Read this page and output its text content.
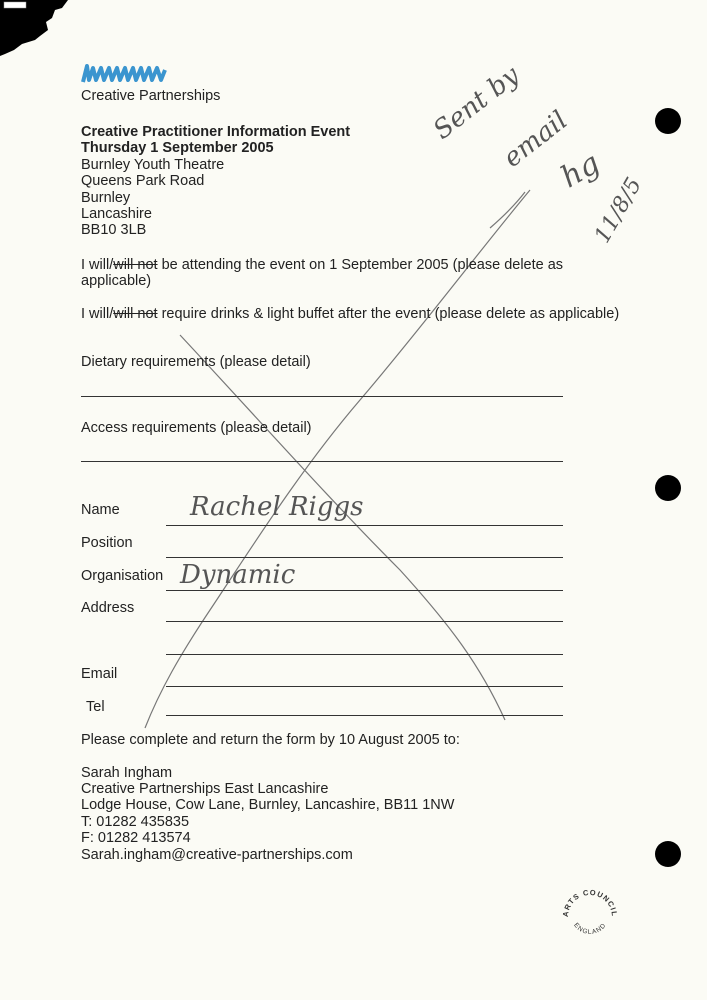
Creative Partnerships
Creative Practitioner Information Event
Thursday 1 September 2005
Burnley Youth Theatre
Queens Park Road
Burnley
Lancashire
BB10 3LB
I will/will not be attending the event on 1 September 2005 (please delete as
applicable)
I will/will not require drinks & light buffet after the event (please delete as applicable)
Dietary requirements (please detail)
Access requirements (please detail)
Name	Rachel Riggs
Position
Organisation Dynamic
Address
Email
Tel
Please complete and return the form by 10 August 2005 to:
Sarah Ingham
Creative Partnerships East Lancashire
Lodge House, Cow Lane, Burnley, Lancashire, BB11 1NW
T: 01282 435835
F: 01282 413574
Sarah.ingham@creative-partnerships.com
Sent by
email
hg
11/8/5
ARTS COUNCIL
ENGLAND
